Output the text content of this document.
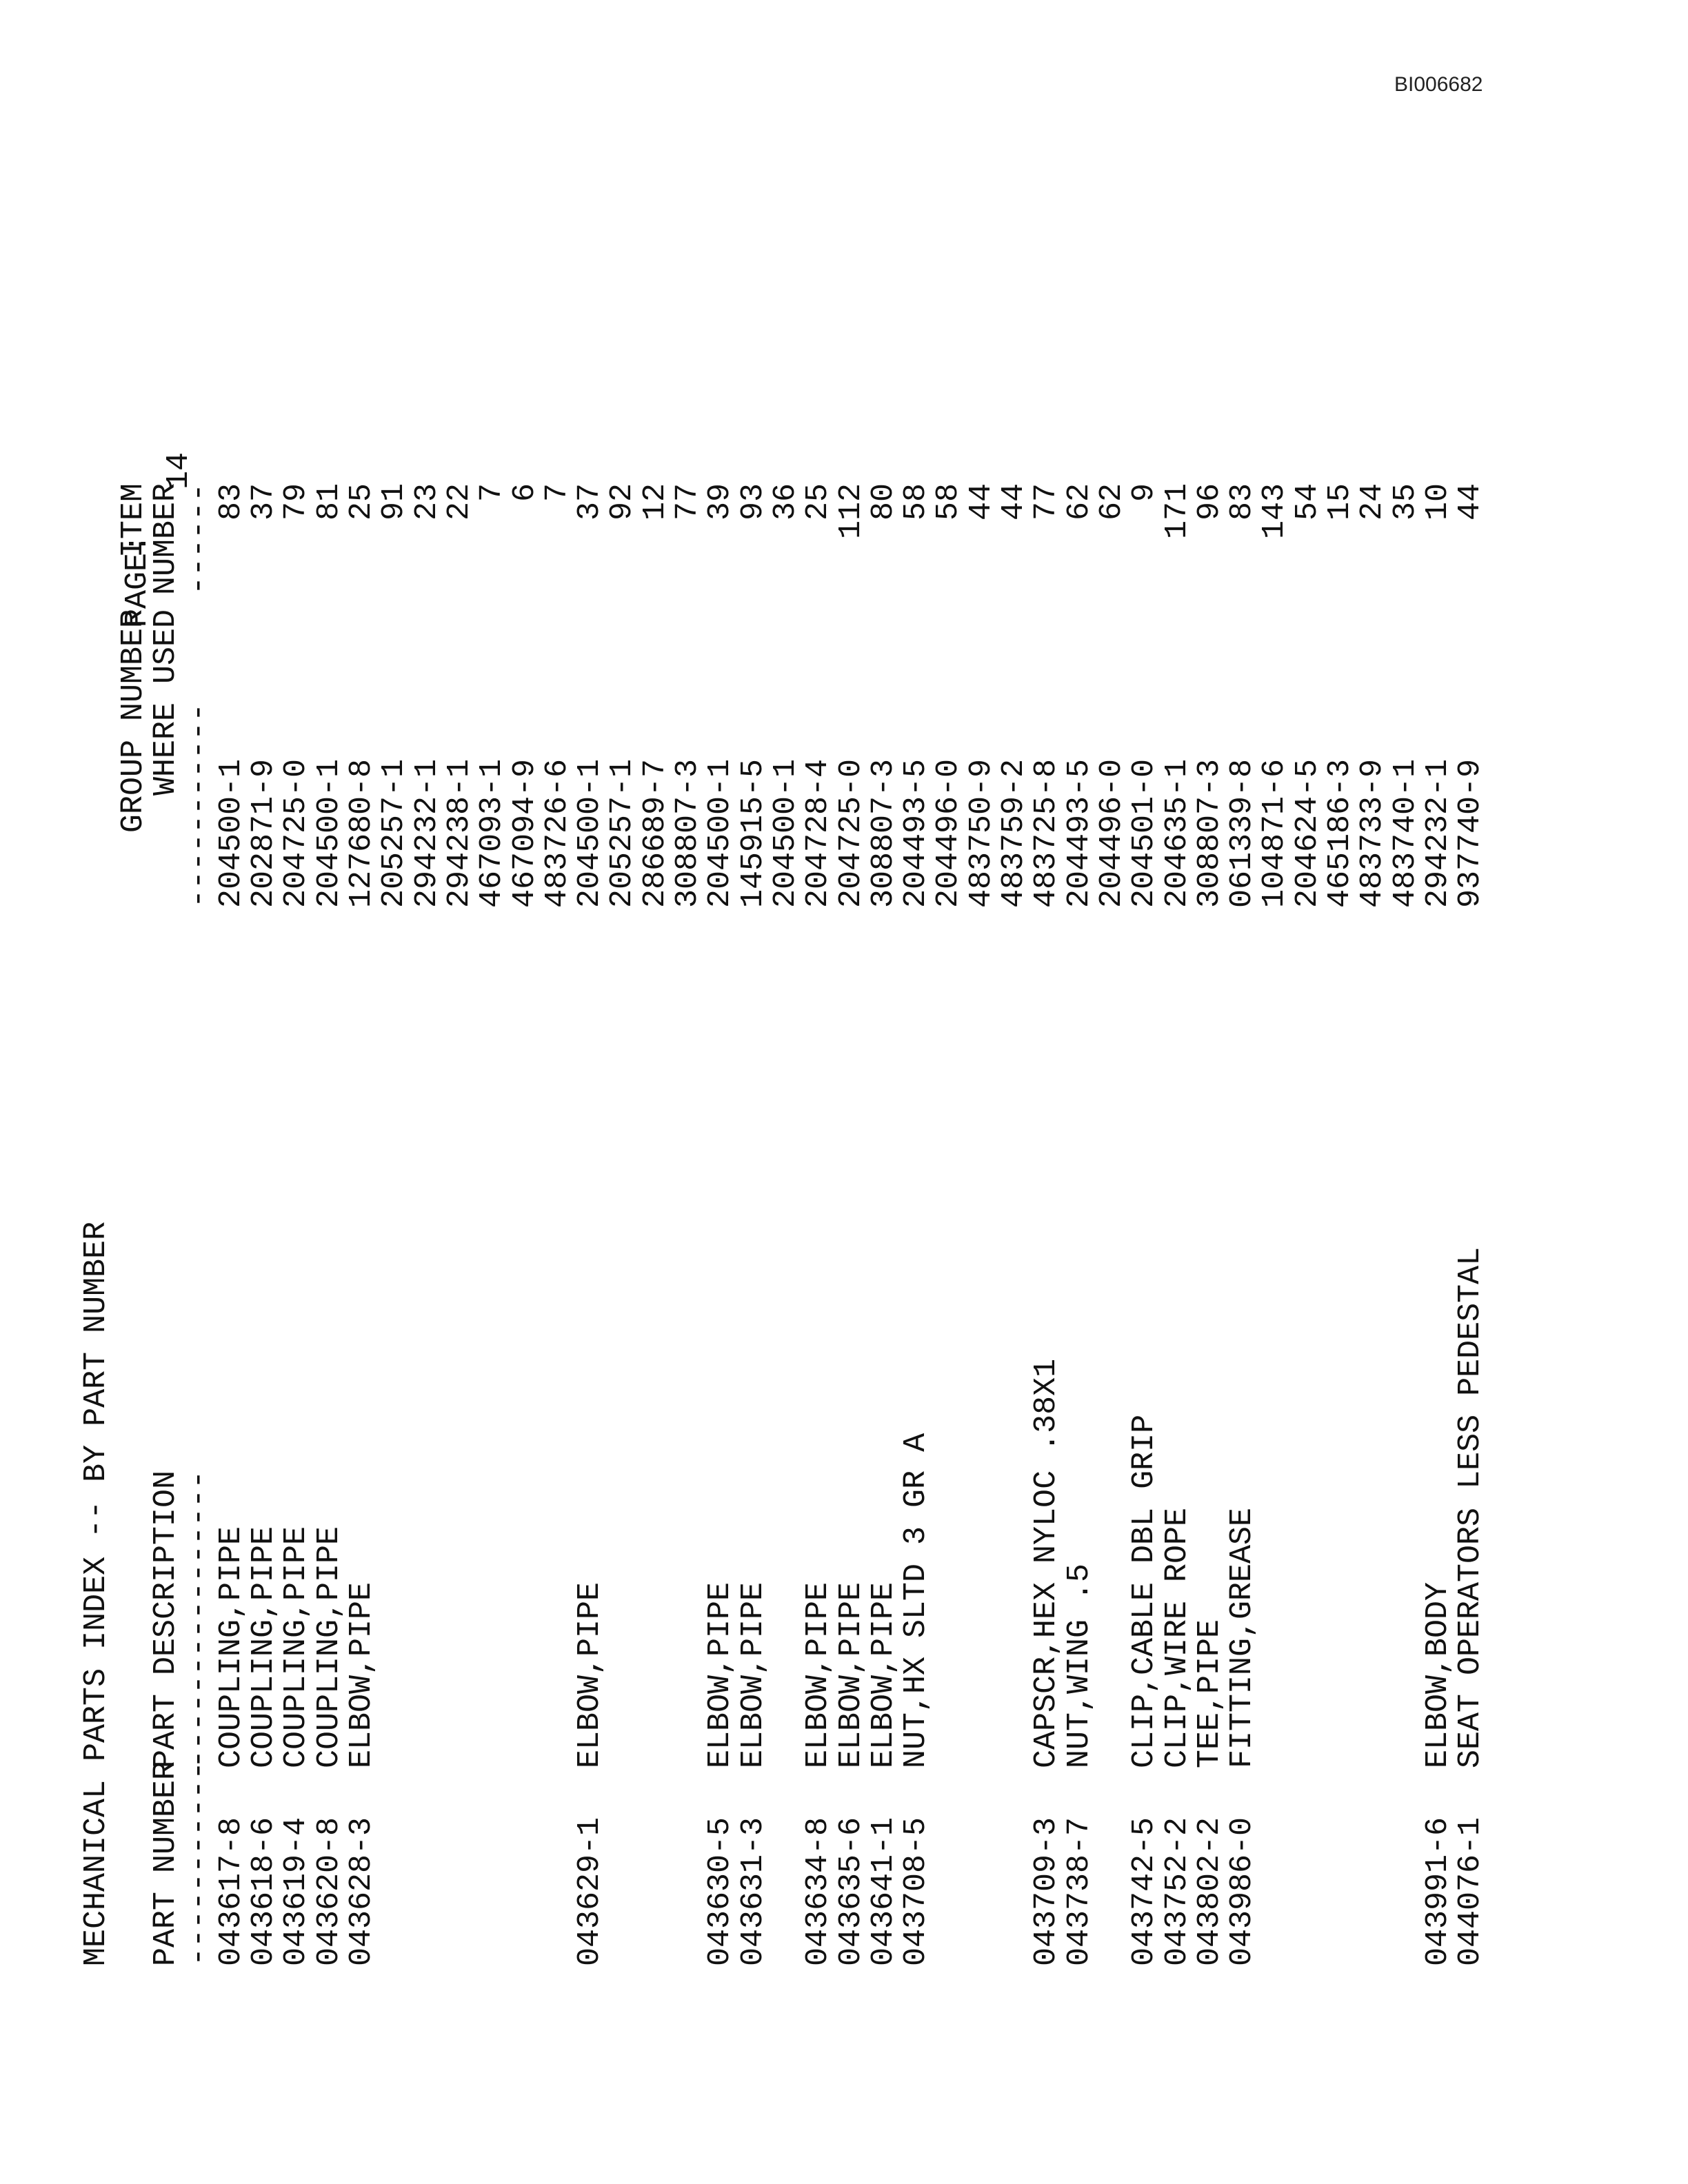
BI006682

MECHANICAL PARTS INDEX -- BY PART NUMBER

PAGE:

14

GROUP NUMBER

ITEM

PART NUMBER

PART DESCRIPTION

WHERE USED

NUMBER

-----------

----------------

-----------

------

043617-8
COUPLING,PIPE
204500-1
83
043618-6
COUPLING,PIPE
202871-9
37
043619-4
COUPLING,PIPE
204725-0
79
043620-8
COUPLING,PIPE
204500-1
81
043628-3
ELBOW,PIPE
127680-8
25
205257-1
91
294232-1
23
294238-1
22
467093-1
7
467094-9
6
483726-6
7
043629-1
ELBOW,PIPE
204500-1
37
205257-1
92
286689-7
12
308807-3
77
043630-5
ELBOW,PIPE
204500-1
39
043631-3
ELBOW,PIPE
145915-5
93
204500-1
36
043634-8
ELBOW,PIPE
204728-4
25
043635-6
ELBOW,PIPE
204725-0
112
043641-1
ELBOW,PIPE
308807-3
80
043708-5
NUT,HX SLTD 3 GR A
204493-5
58
204496-0
58
483750-9
44
483759-2
44
043709-3
CAPSCR,HEX NYLOC .38X1
483725-8
77
043738-7
NUT,WING .5
204493-5
62
204496-0
62
043742-5
CLIP,CABLE DBL GRIP
204501-0
9
043752-2
CLIP,WIRE ROPE
204635-1
171
043802-2
TEE,PIPE
308807-3
96
043986-0
FITTING,GREASE
061339-8
83
104871-6
143
204624-5
54
465186-3
15
483733-9
24
483740-1
35
043991-6
ELBOW,BODY
294232-1
10
044076-1
SEAT OPERATORS LESS PEDESTAL
937740-9
44
